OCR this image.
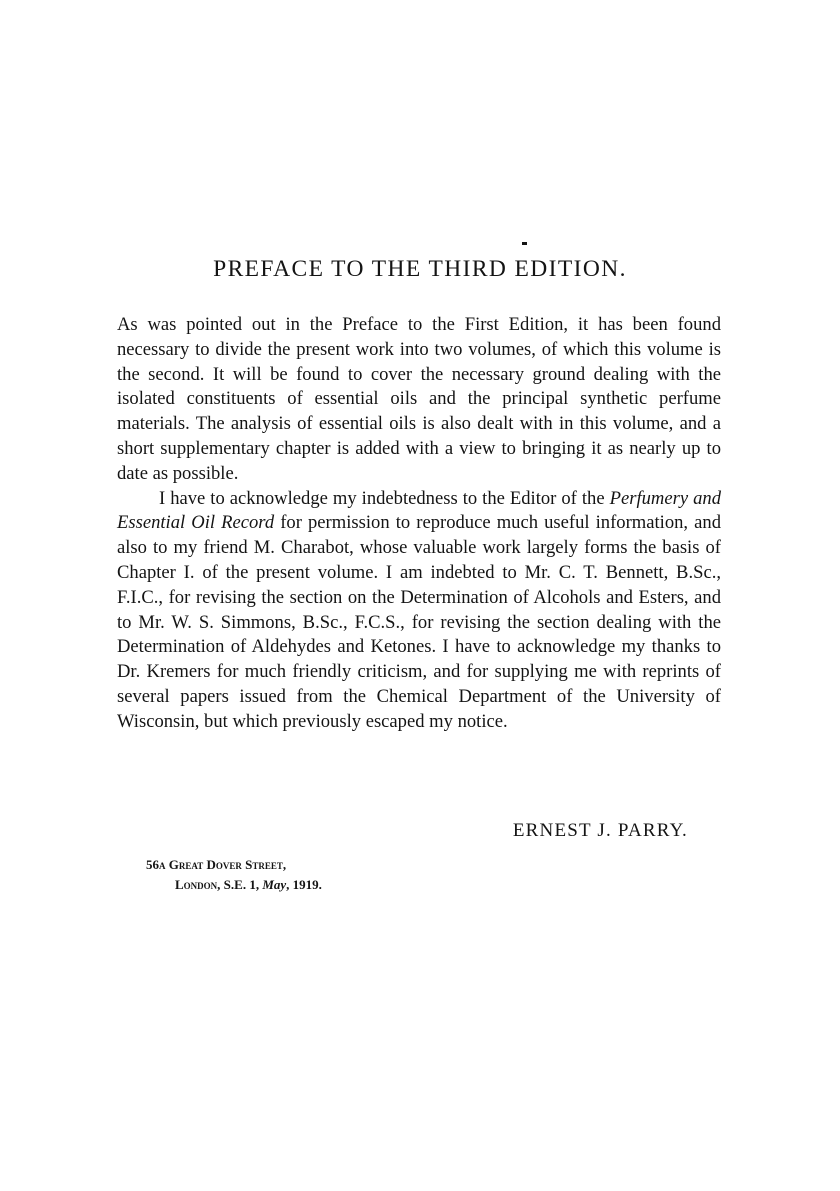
PREFACE TO THE THIRD EDITION.

As was pointed out in the Preface to the First Edition, it has been found necessary to divide the present work into two volumes, of which this volume is the second. It will be found to cover the necessary ground dealing with the isolated constituents of essential oils and the principal synthetic perfume materials. The analysis of essential oils is also dealt with in this volume, and a short supplementary chapter is added with a view to bringing it as nearly up to date as possible.

I have to acknowledge my indebtedness to the Editor of the Perfumery and Essential Oil Record for permission to reproduce much useful information, and also to my friend M. Charabot, whose valuable work largely forms the basis of Chapter I. of the present volume. I am indebted to Mr. C. T. Bennett, B.Sc., F.I.C., for revising the section on the Determination of Alcohols and Esters, and to Mr. W. S. Simmons, B.Sc., F.C.S., for revising the section dealing with the Determination of Aldehydes and Ketones. I have to acknowledge my thanks to Dr. Kremers for much friendly criticism, and for supplying me with reprints of several papers issued from the Chemical Department of the University of Wisconsin, but which previously escaped my notice.

ERNEST J. PARRY.

56a Great Dover Street,
London, S.E. 1, May, 1919.
